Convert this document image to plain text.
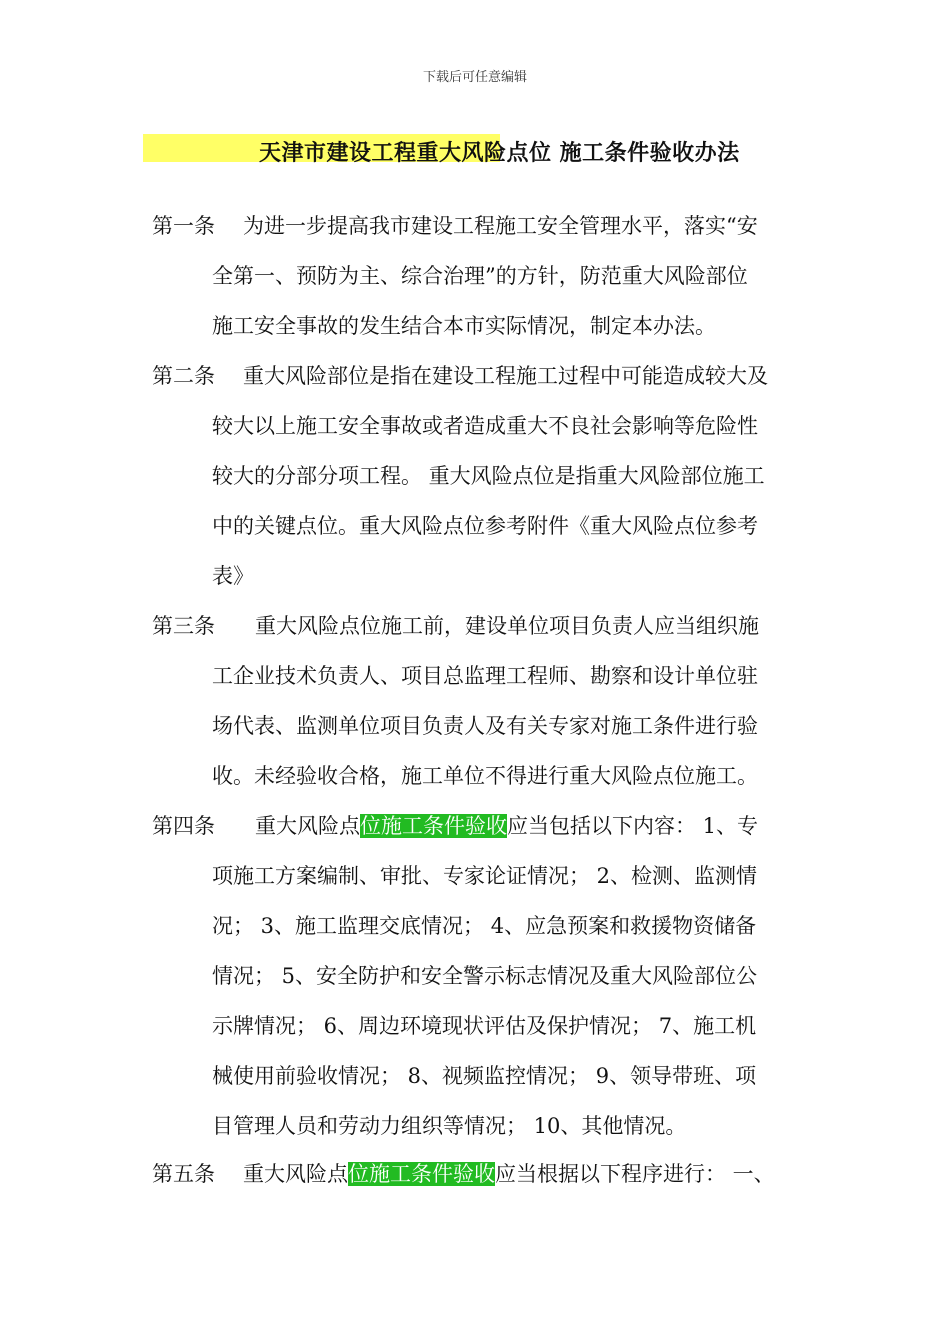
下载后可任意编辑
天津市建设工程重大风险点位 施工条件验收办法
第一条 为进一步提高我市建设工程施工安全管理水平，落实“安
全第一、预防为主、综合治理”的方针，防范重大风险部位
施工安全事故的发生结合本市实际情况，制定本办法。
第二条 重大风险部位是指在建设工程施工过程中可能造成较大及
较大以上施工安全事故或者造成重大不良社会影响等危险性
较大的分部分项工程。 重大风险点位是指重大风险部位施工
中的关键点位。重大风险点位参考附件《重大风险点位参考
表》
第三条 重大风险点位施工前，建设单位项目负责人应当组织施
工企业技术负责人、项目总监理工程师、勘察和设计单位驻
场代表、监测单位项目负责人及有关专家对施工条件进行验
收。未经验收合格，施工单位不得进行重大风险点位施工。
第四条 重大风险点位施工条件验收应当包括以下内容： 1、专
项施工方案编制、审批、专家论证情况； 2、检测、监测情
况； 3、施工监理交底情况； 4、应急预案和救援物资储备
情况； 5、安全防护和安全警示标志情况及重大风险部位公
示牌情况； 6、周边环境现状评估及保护情况； 7、施工机
械使用前验收情况； 8、视频监控情况； 9、领导带班、项
目管理人员和劳动力组织等情况； 10、其他情况。
第五条 重大风险点位施工条件验收应当根据以下程序进行： 一、
